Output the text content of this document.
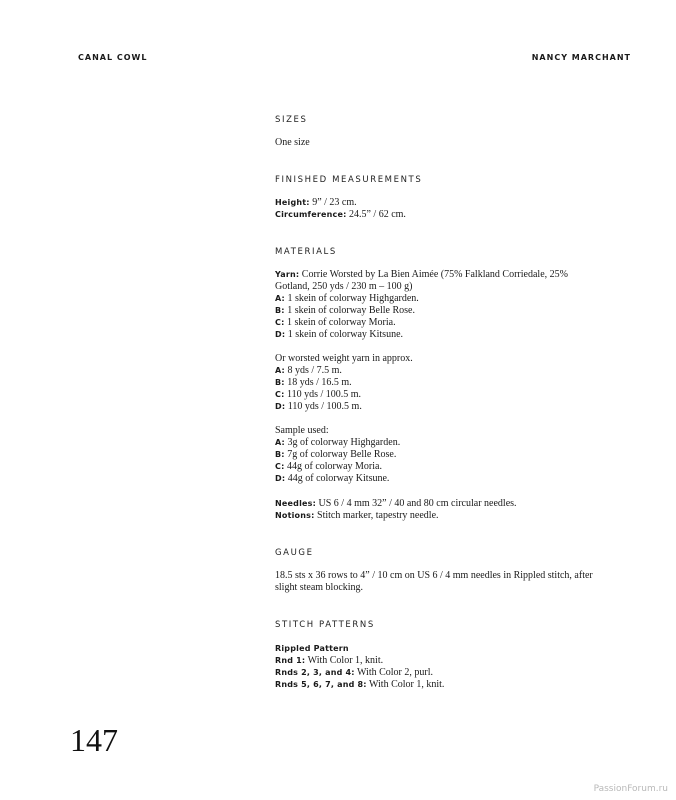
CANAL COWL	NANCY MARCHANT
SIZES
One size
FINISHED MEASUREMENTS
Height: 9” / 23 cm.
Circumference: 24.5” / 62 cm.
MATERIALS
Yarn: Corrie Worsted by La Bien Aimée (75% Falkland Corriedale, 25% Gotland, 250 yds / 230 m – 100 g)
A: 1 skein of colorway Highgarden.
B: 1 skein of colorway Belle Rose.
C: 1 skein of colorway Moria.
D: 1 skein of colorway Kitsune.
Or worsted weight yarn in approx.
A: 8 yds / 7.5 m.
B: 18 yds / 16.5 m.
C: 110 yds / 100.5 m.
D: 110 yds / 100.5 m.
Sample used:
A: 3g of colorway Highgarden.
B: 7g of colorway Belle Rose.
C: 44g of colorway Moria.
D: 44g of colorway Kitsune.
Needles: US 6 / 4 mm 32” / 40 and 80 cm circular needles.
Notions: Stitch marker, tapestry needle.
GAUGE
18.5 sts x 36 rows to 4” / 10 cm on US 6 / 4 mm needles in Rippled stitch, after slight steam blocking.
STITCH PATTERNS
Rippled Pattern
Rnd 1: With Color 1, knit.
Rnds 2, 3, and 4: With Color 2, purl.
Rnds 5, 6, 7, and 8: With Color 1, knit.
147
PassionForum.ru
